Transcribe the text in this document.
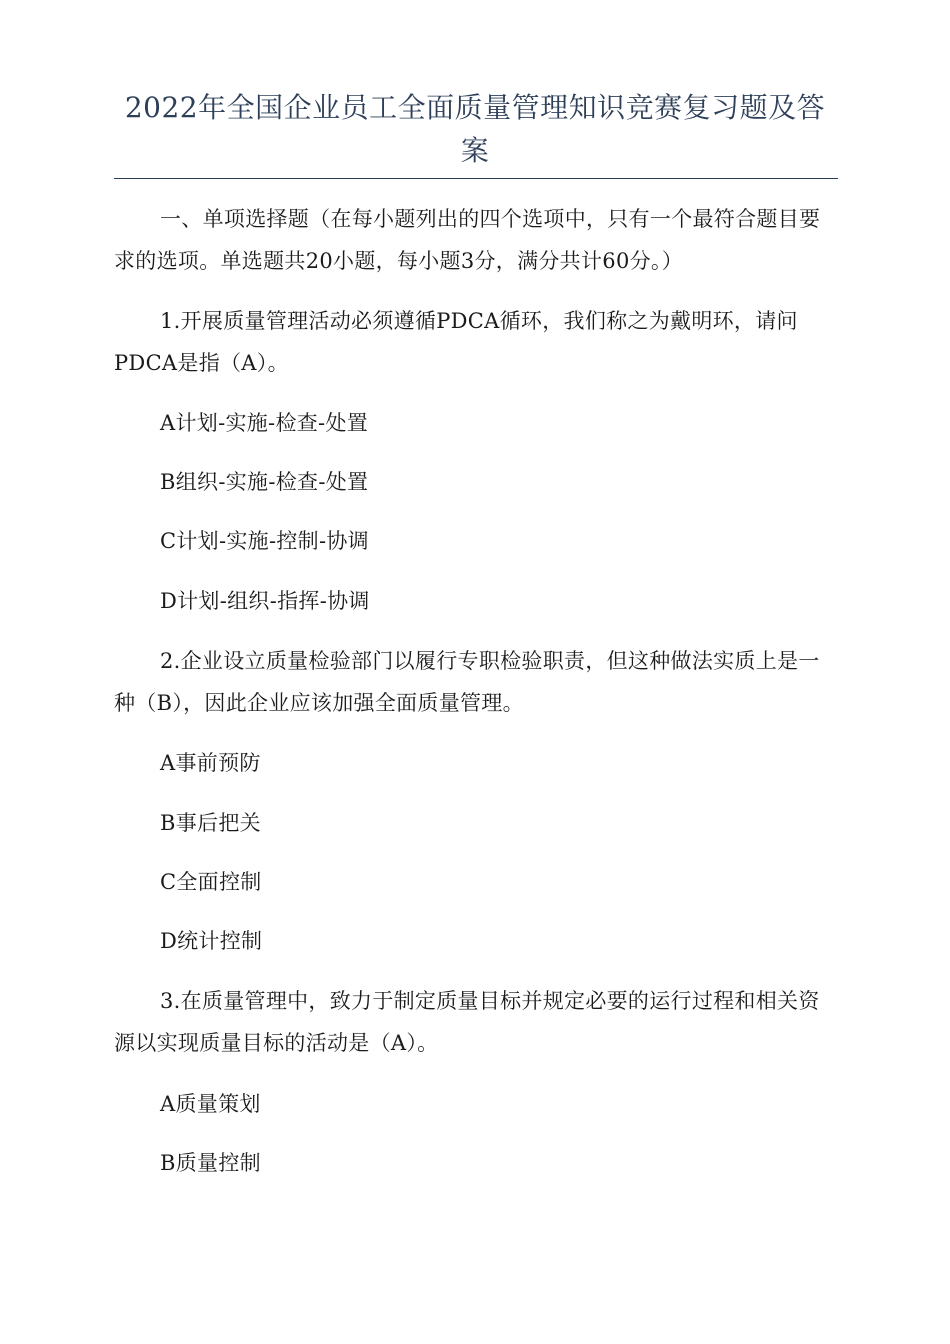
2022年全国企业员工全面质量管理知识竞赛复习题及答案
一、单项选择题（在每小题列出的四个选项中，只有一个最符合题目要求的选项。单选题共20小题，每小题3分，满分共计60分。）
1.开展质量管理活动必须遵循PDCA循环，我们称之为戴明环，请问PDCA是指（A）。
A计划-实施-检查-处置
B组织-实施-检查-处置
C计划-实施-控制-协调
D计划-组织-指挥-协调
2.企业设立质量检验部门以履行专职检验职责，但这种做法实质上是一种（B），因此企业应该加强全面质量管理。
A事前预防
B事后把关
C全面控制
D统计控制
3.在质量管理中，致力于制定质量目标并规定必要的运行过程和相关资源以实现质量目标的活动是（A）。
A质量策划
B质量控制
